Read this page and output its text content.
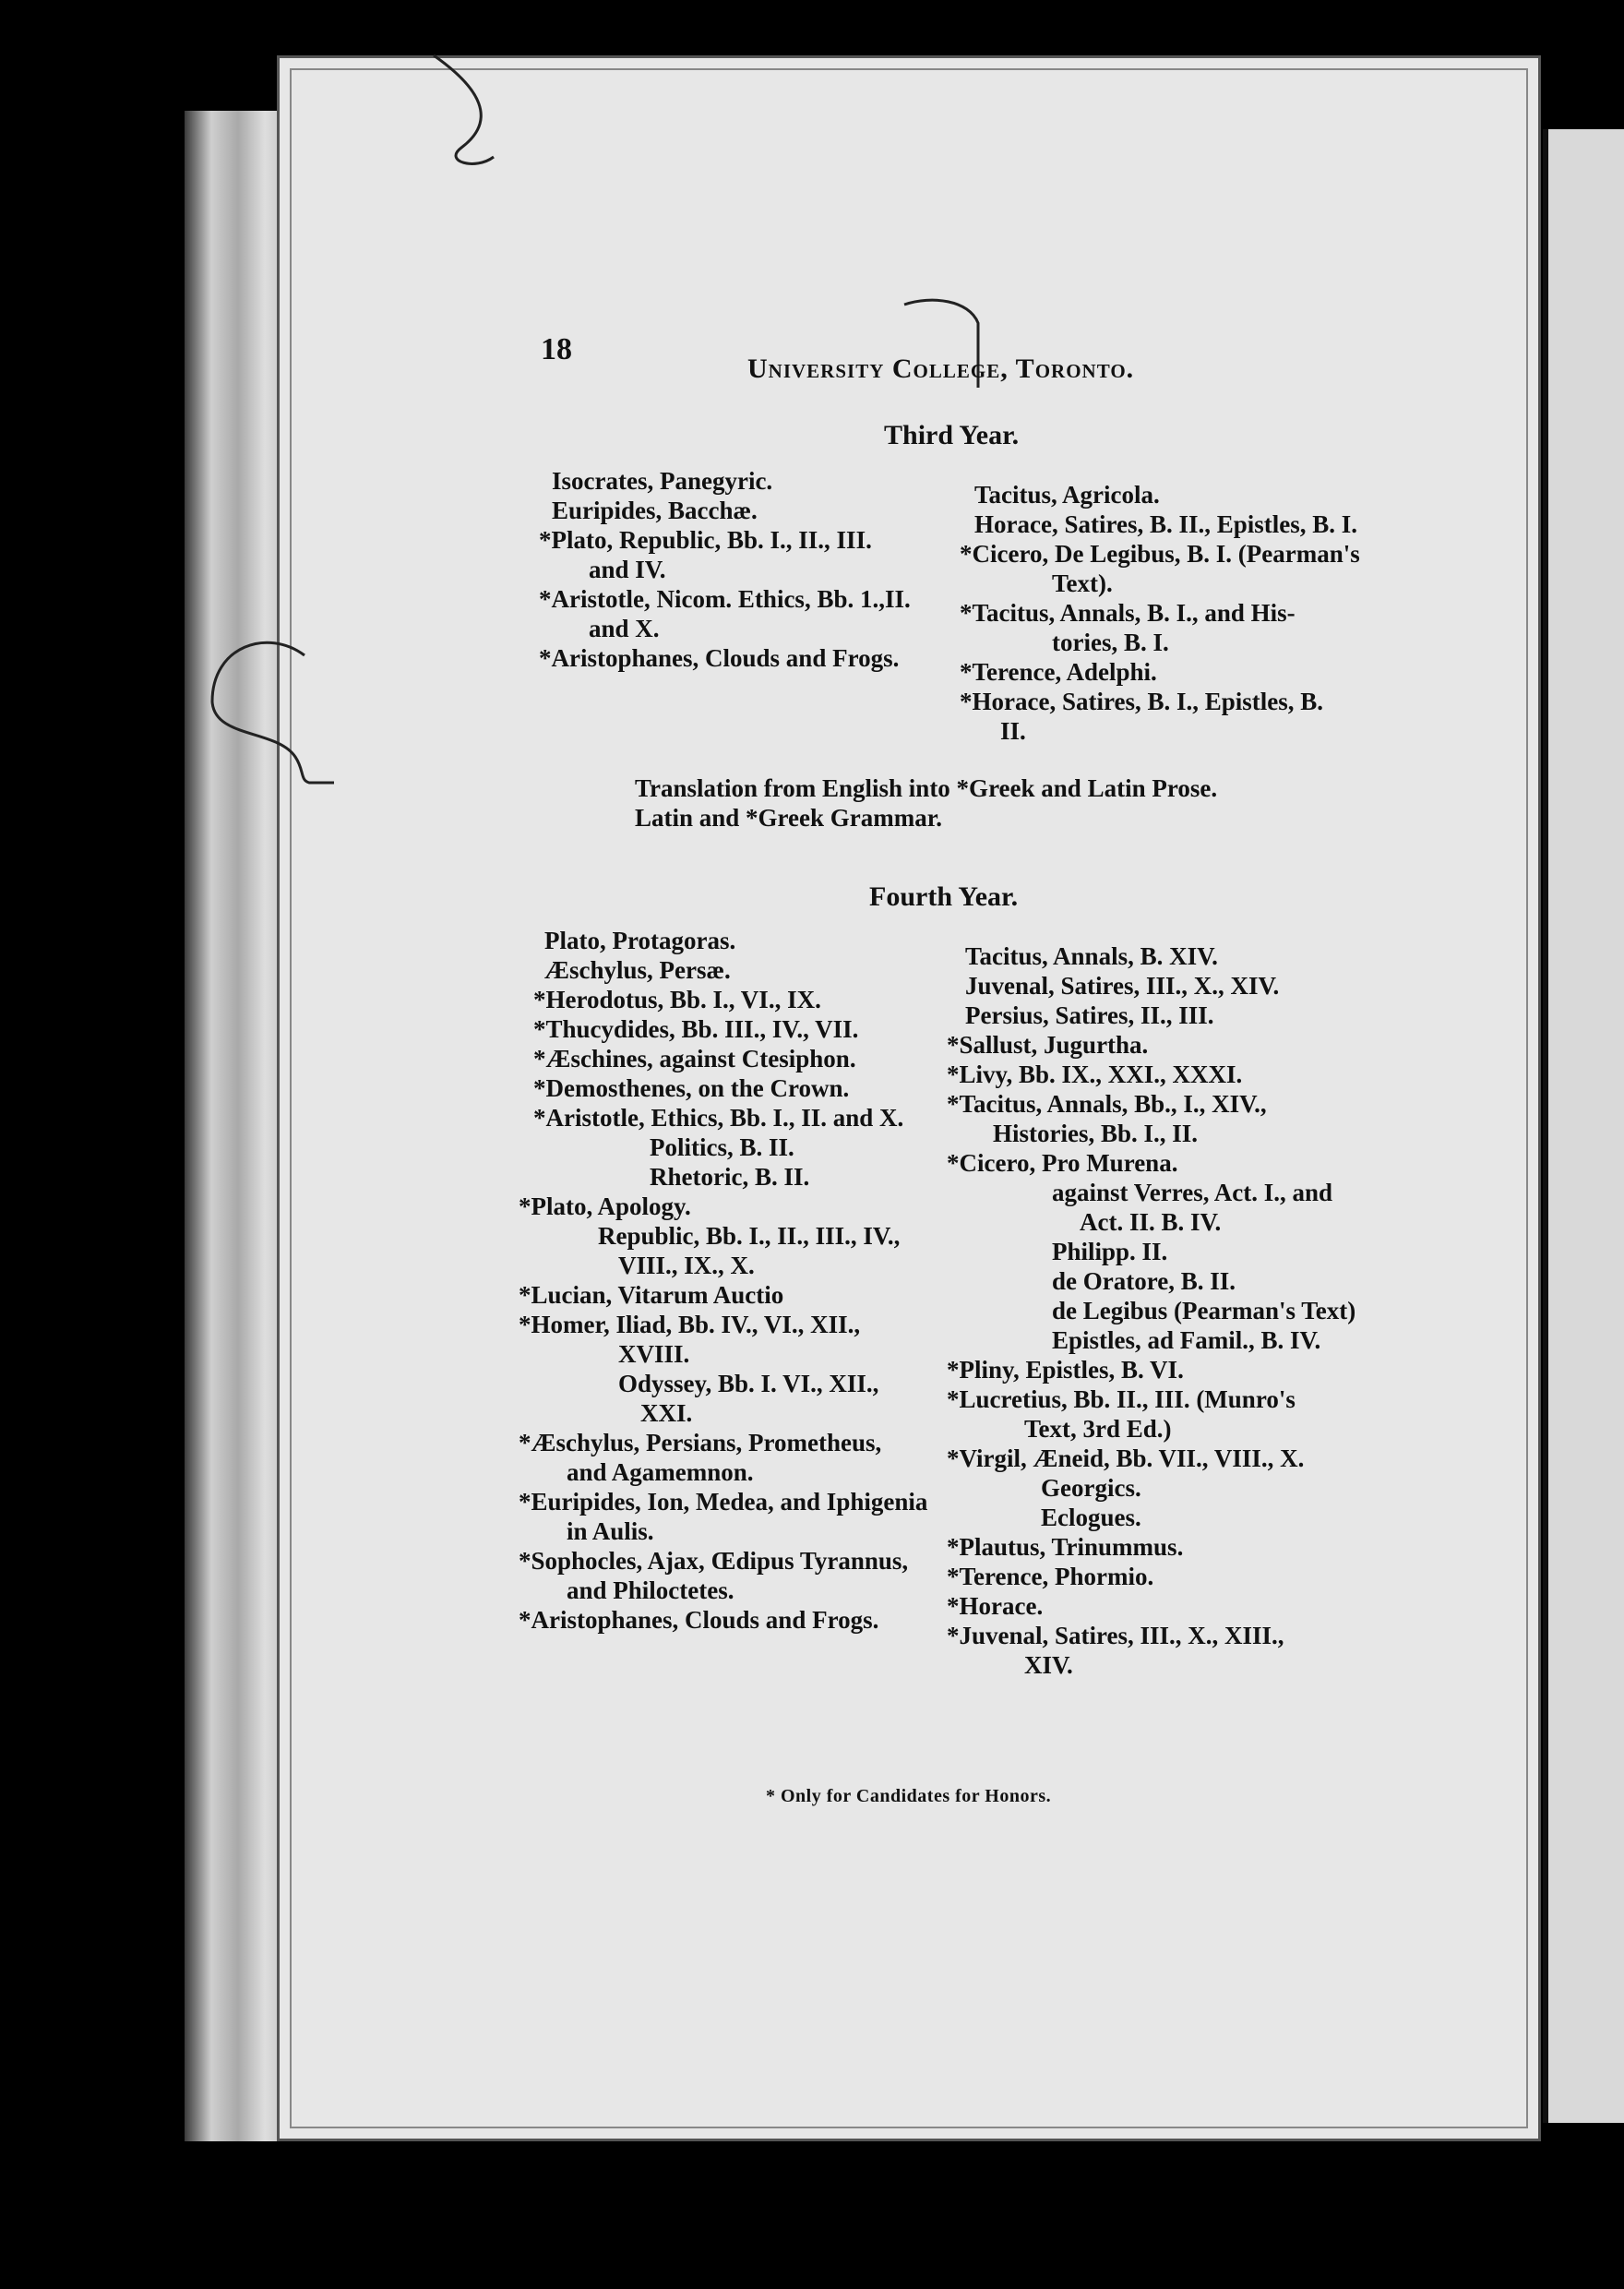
18
University College, Toronto.
Third Year.
Isocrates, Panegyric.
Euripides, Bacchæ.
*Plato, Republic, Bb. I., II., III.
and IV.
*Aristotle, Nicom. Ethics, Bb. 1.,II.
and X.
*Aristophanes, Clouds and Frogs.
Tacitus, Agricola.
Horace, Satires, B. II., Epistles, B. I.
*Cicero, De Legibus, B. I. (Pearman's
Text).
*Tacitus, Annals, B. I., and His-
tories, B. I.
*Terence, Adelphi.
*Horace, Satires, B. I., Epistles, B.
II.
Translation from English into *Greek and Latin Prose.
Latin and *Greek Grammar.
Fourth Year.
Plato, Protagoras.
Æschylus, Persæ.
*Herodotus, Bb. I., VI., IX.
*Thucydides, Bb. III., IV., VII.
*Æschines, against Ctesiphon.
*Demosthenes, on the Crown.
*Aristotle, Ethics, Bb. I., II. and X.
Politics, B. II.
Rhetoric, B. II.
*Plato, Apology.
Republic, Bb. I., II., III., IV.,
VIII., IX., X.
*Lucian, Vitarum Auctio
*Homer, Iliad, Bb. IV., VI., XII.,
XVIII.
Odyssey, Bb. I. VI., XII.,
XXI.
*Æschylus, Persians, Prometheus,
and Agamemnon.
*Euripides, Ion, Medea, and Iphigenia
in Aulis.
*Sophocles, Ajax, Œdipus Tyrannus,
and Philoctetes.
*Aristophanes, Clouds and Frogs.
Tacitus, Annals, B. XIV.
Juvenal, Satires, III., X., XIV.
Persius, Satires, II., III.
*Sallust, Jugurtha.
*Livy, Bb. IX., XXI., XXXI.
*Tacitus, Annals, Bb., I., XIV.,
Histories, Bb. I., II.
*Cicero, Pro Murena.
against Verres, Act. I., and
Act. II. B. IV.
Philipp. II.
de Oratore, B. II.
de Legibus (Pearman's Text)
Epistles, ad Famil., B. IV.
*Pliny, Epistles, B. VI.
*Lucretius, Bb. II., III. (Munro's
Text, 3rd Ed.)
*Virgil, Æneid, Bb. VII., VIII., X.
Georgics.
Eclogues.
*Plautus, Trinummus.
*Terence, Phormio.
*Horace.
*Juvenal, Satires, III., X., XIII.,
XIV.
* Only for Candidates for Honors.
